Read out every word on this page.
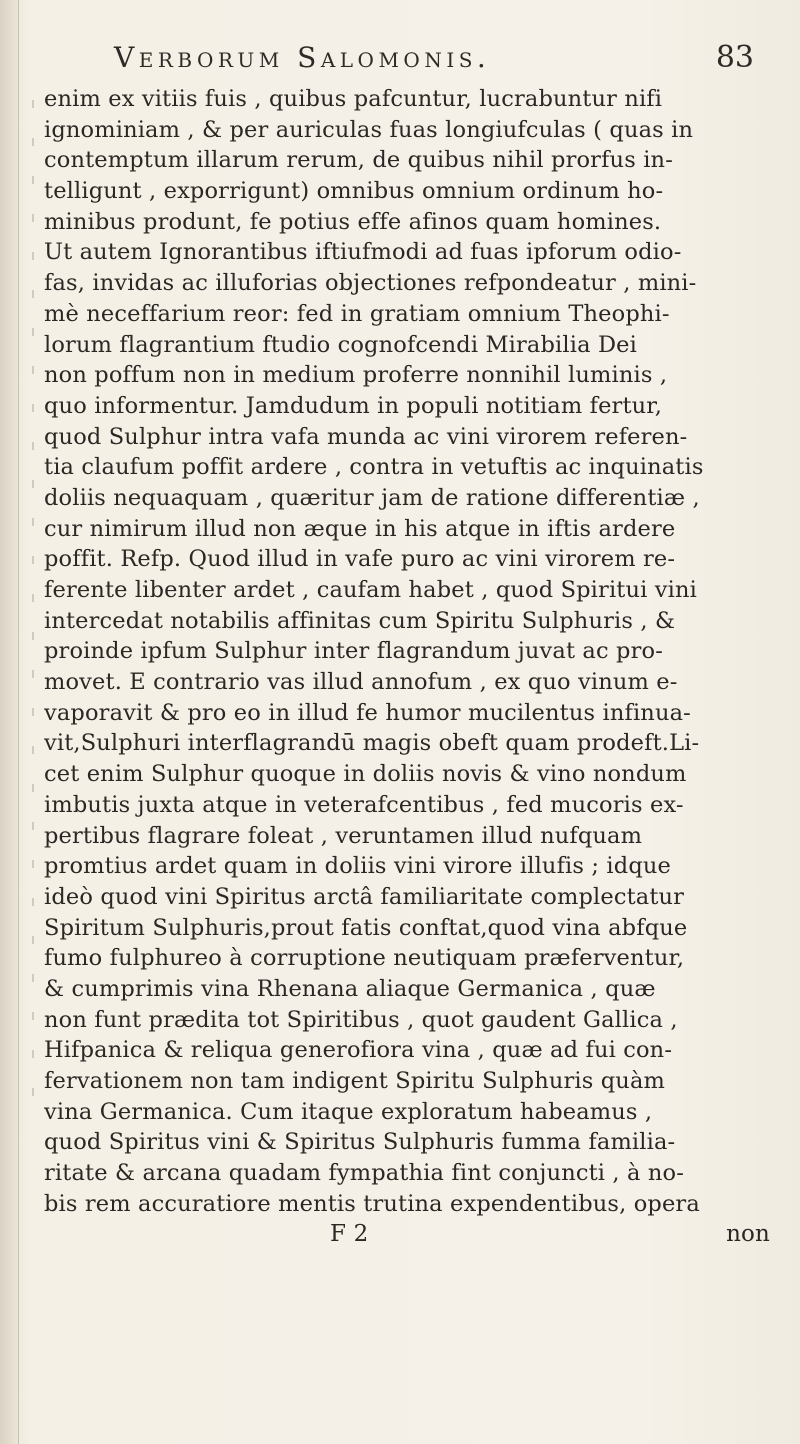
Verborum Salomonis.	83
enim ex vitiis fuis , quibus pafcuntur, lucrabuntur nifi
ignominiam , & per auriculas fuas longiufculas ( quas in
contemptum illarum rerum, de quibus nihil prorfus in-
telligunt , exporrigunt) omnibus omnium ordinum ho-
minibus produnt, fe potius effe afinos quam homines.
Ut autem Ignorantibus iftiufmodi ad fuas ipforum odio-
fas, invidas ac illuforias objectiones refpondeatur , mini-
mè neceffarium reor: fed in gratiam omnium Theophi-
lorum flagrantium ftudio cognofcendi Mirabilia Dei
non poffum non in medium proferre nonnihil luminis ,
quo informentur. Jamdudum in populi notitiam fertur,
quod Sulphur intra vafa munda ac vini virorem referen-
tia claufum poffit ardere , contra in vetuftis ac inquinatis
doliis nequaquam , quæritur jam de ratione differentiæ ,
cur nimirum illud non æque in his atque in iftis ardere
poffit. Refp. Quod illud in vafe puro ac vini virorem re-
ferente libenter ardet , caufam habet , quod Spiritui vini
intercedat notabilis affinitas cum Spiritu Sulphuris , &
proinde ipfum Sulphur inter flagrandum juvat ac pro-
movet. E contrario vas illud annofum , ex quo vinum e-
vaporavit & pro eo in illud fe humor mucilentus infinua-
vit,Sulphuri interflagrandū magis obeft quam prodeft.Li-
cet enim Sulphur quoque in doliis novis & vino nondum
imbutis juxta atque in veterafcentibus , fed mucoris ex-
pertibus flagrare foleat , veruntamen illud nufquam
promtius ardet quam in doliis vini virore illufis ; idque
ideò quod vini Spiritus arctâ familiaritate complectatur
Spiritum Sulphuris,prout fatis conftat,quod vina abfque
fumo fulphureo à corruptione neutiquam præferventur,
& cumprimis vina Rhenana aliaque Germanica , quæ
non funt prædita tot Spiritibus , quot gaudent Gallica ,
Hifpanica & reliqua generofiora vina , quæ ad fui con-
fervationem non tam indigent Spiritu Sulphuris quàm
vina Germanica. Cum itaque exploratum habeamus ,
quod Spiritus vini & Spiritus Sulphuris fumma familia-
ritate & arcana quadam fympathia fint conjuncti , à no-
bis rem accuratiore mentis trutina expendentibus, opera
F 2	non
